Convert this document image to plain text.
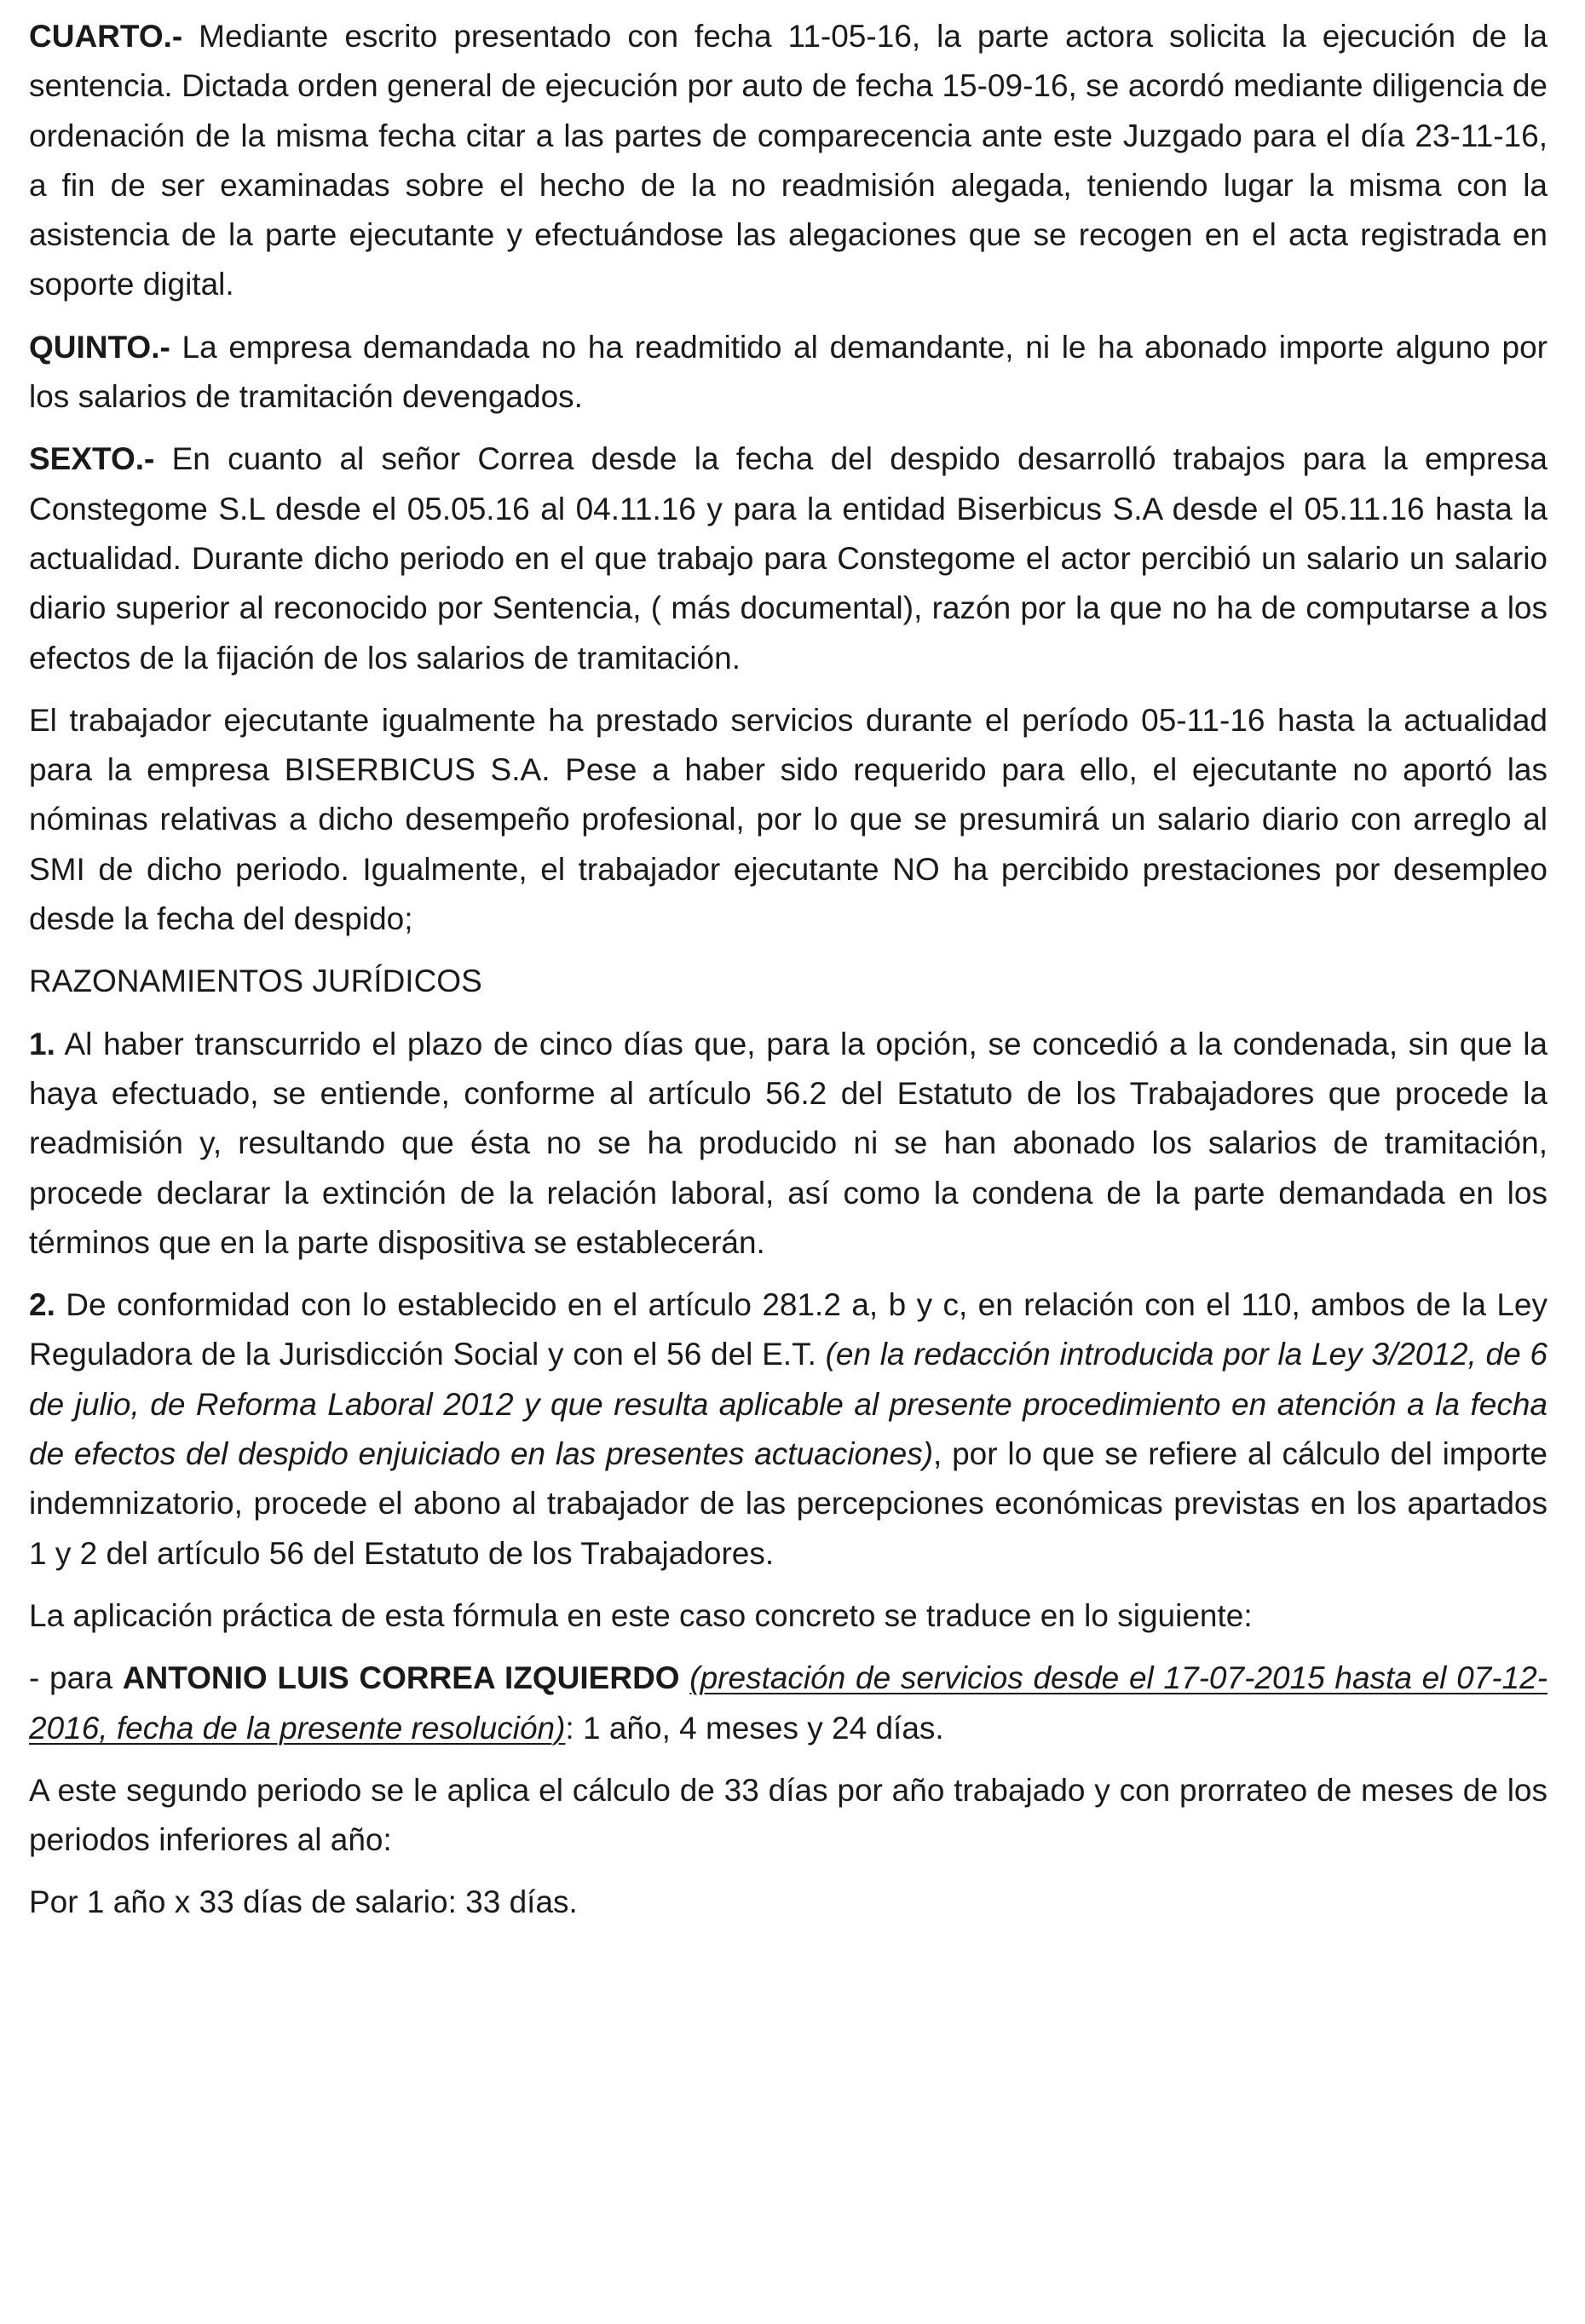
CUARTO.- Mediante escrito presentado con fecha 11-05-16, la parte actora solicita la ejecución de la sentencia. Dictada orden general de ejecución por auto de fecha 15-09-16, se acordó mediante diligencia de ordenación de la misma fecha citar a las partes de comparecencia ante este Juzgado para el día 23-11-16, a fin de ser examinadas sobre el hecho de la no readmisión alegada, teniendo lugar la misma con la asistencia de la parte ejecutante y efectuándose las alegaciones que se recogen en el acta registrada en soporte digital.

QUINTO.- La empresa demandada no ha readmitido al demandante, ni le ha abonado importe alguno por los salarios de tramitación devengados.

SEXTO.- En cuanto al señor Correa desde la fecha del despido desarrolló trabajos para la empresa Constegome S.L desde el 05.05.16 al 04.11.16 y para la entidad Biserbicus S.A desde el 05.11.16 hasta la actualidad. Durante dicho periodo en el que trabajo para Constegome el actor percibió un salario un salario diario superior al reconocido por Sentencia, ( más documental), razón por la que no ha de computarse a los efectos de la fijación de los salarios de tramitación.

El trabajador ejecutante igualmente ha prestado servicios durante el período 05-11-16 hasta la actualidad para la empresa BISERBICUS S.A. Pese a haber sido requerido para ello, el ejecutante no aportó las nóminas relativas a dicho desempeño profesional, por lo que se presumirá un salario diario con arreglo al SMI de dicho periodo. Igualmente, el trabajador ejecutante NO ha percibido prestaciones por desempleo desde la fecha del despido;

RAZONAMIENTOS JURÍDICOS

1. Al haber transcurrido el plazo de cinco días que, para la opción, se concedió a la condenada, sin que la haya efectuado, se entiende, conforme al artículo 56.2 del Estatuto de los Trabajadores que procede la readmisión y, resultando que ésta no se ha producido ni se han abonado los salarios de tramitación, procede declarar la extinción de la relación laboral, así como la condena de la parte demandada en los términos que en la parte dispositiva se establecerán.

2. De conformidad con lo establecido en el artículo 281.2 a, b y c, en relación con el 110, ambos de la Ley Reguladora de la Jurisdicción Social y con el 56 del E.T. (en la redacción introducida por la Ley 3/2012, de 6 de julio, de Reforma Laboral 2012 y que resulta aplicable al presente procedimiento en atención a la fecha de efectos del despido enjuiciado en las presentes actuaciones), por lo que se refiere al cálculo del importe indemnizatorio, procede el abono al trabajador de las percepciones económicas previstas en los apartados 1 y 2 del artículo 56 del Estatuto de los Trabajadores.

La aplicación práctica de esta fórmula en este caso concreto se traduce en lo siguiente:

- para ANTONIO LUIS CORREA IZQUIERDO (prestación de servicios desde el 17-07-2015 hasta el 07-12-2016, fecha de la presente resolución): 1 año, 4 meses y 24 días.

A este segundo periodo se le aplica el cálculo de 33 días por año trabajado y con prorrateo de meses de los periodos inferiores al año:

Por 1 año x 33 días de salario: 33 días.
